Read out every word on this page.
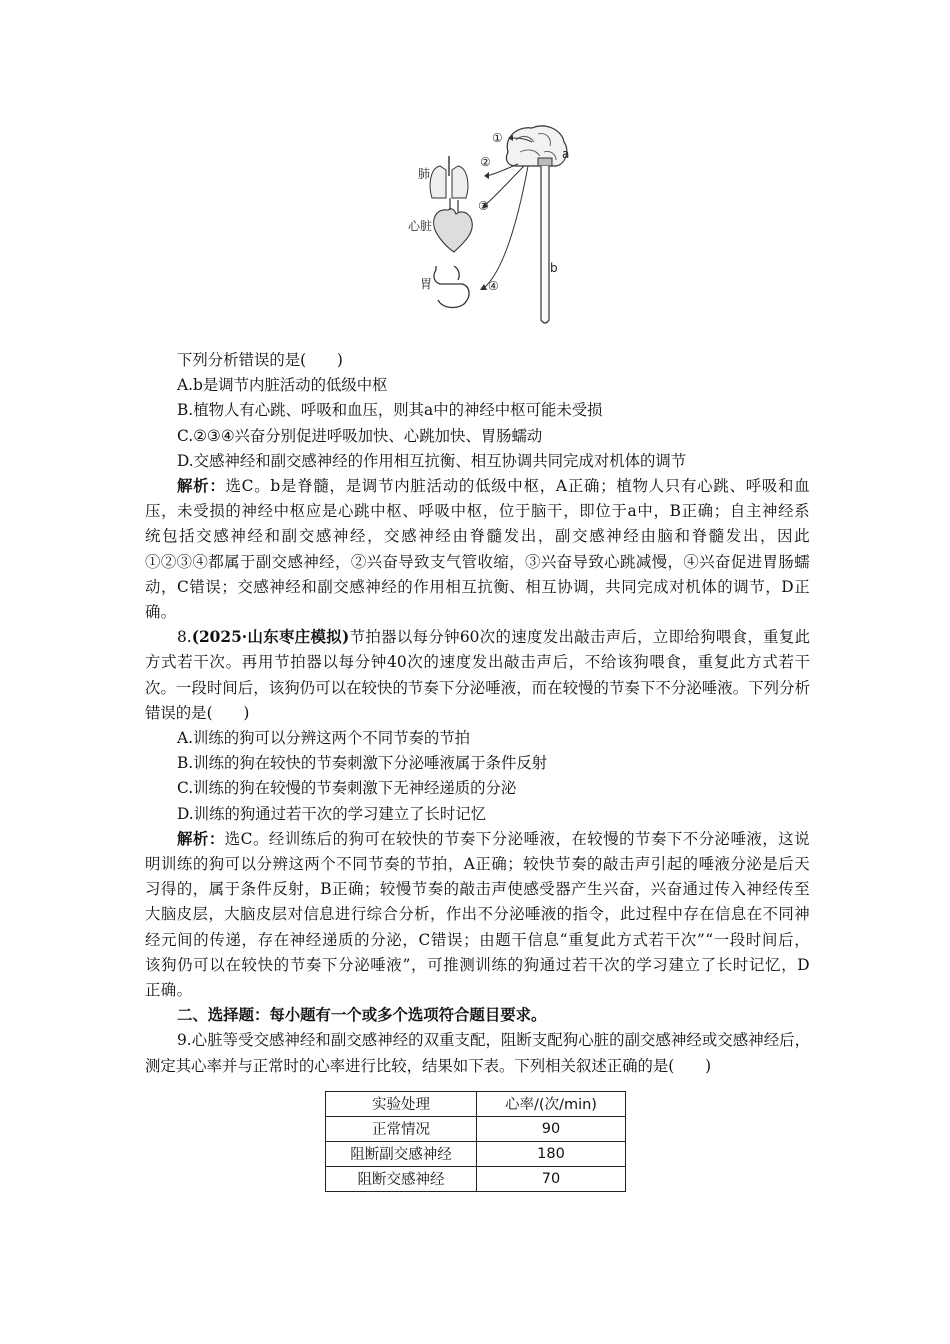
①
②
③
④
a
b
肺
心脏
胃

下列分析错误的是(　　)

A.b是调节内脏活动的低级中枢

B.植物人有心跳、呼吸和血压，则其a中的神经中枢可能未受损

C.②③④兴奋分别促进呼吸加快、心跳加快、胃肠蠕动

D.交感神经和副交感神经的作用相互抗衡、相互协调共同完成对机体的调节

解析：选C。b是脊髓，是调节内脏活动的低级中枢，A正确；植物人只有心跳、呼吸和血压，未受损的神经中枢应是心跳中枢、呼吸中枢，位于脑干，即位于a中，B正确；自主神经系统包括交感神经和副交感神经，交感神经由脊髓发出，副交感神经由脑和脊髓发出，因此①②③④都属于副交感神经，②兴奋导致支气管收缩，③兴奋导致心跳减慢，④兴奋促进胃肠蠕动，C错误；交感神经和副交感神经的作用相互抗衡、相互协调，共同完成对机体的调节，D正确。

8.(2025·山东枣庄模拟)节拍器以每分钟60次的速度发出敲击声后，立即给狗喂食，重复此方式若干次。再用节拍器以每分钟40次的速度发出敲击声后，不给该狗喂食，重复此方式若干次。一段时间后，该狗仍可以在较快的节奏下分泌唾液，而在较慢的节奏下不分泌唾液。下列分析错误的是(　　)

A.训练的狗可以分辨这两个不同节奏的节拍

B.训练的狗在较快的节奏刺激下分泌唾液属于条件反射

C.训练的狗在较慢的节奏刺激下无神经递质的分泌

D.训练的狗通过若干次的学习建立了长时记忆

解析：选C。经训练后的狗可在较快的节奏下分泌唾液，在较慢的节奏下不分泌唾液，这说明训练的狗可以分辨这两个不同节奏的节拍，A正确；较快节奏的敲击声引起的唾液分泌是后天习得的，属于条件反射，B正确；较慢节奏的敲击声使感受器产生兴奋，兴奋通过传入神经传至大脑皮层，大脑皮层对信息进行综合分析，作出不分泌唾液的指令，此过程中存在信息在不同神经元间的传递，存在神经递质的分泌，C错误；由题干信息“重复此方式若干次”“一段时间后，该狗仍可以在较快的节奏下分泌唾液”，可推测训练的狗通过若干次的学习建立了长时记忆，D正确。

二、选择题：每小题有一个或多个选项符合题目要求。

9.心脏等受交感神经和副交感神经的双重支配，阻断支配狗心脏的副交感神经或交感神经后，测定其心率并与正常时的心率进行比较，结果如下表。下列相关叙述正确的是(　　)

实验处理	心率/(次/min)
正常情况	90
阻断副交感神经	180
阻断交感神经	70
